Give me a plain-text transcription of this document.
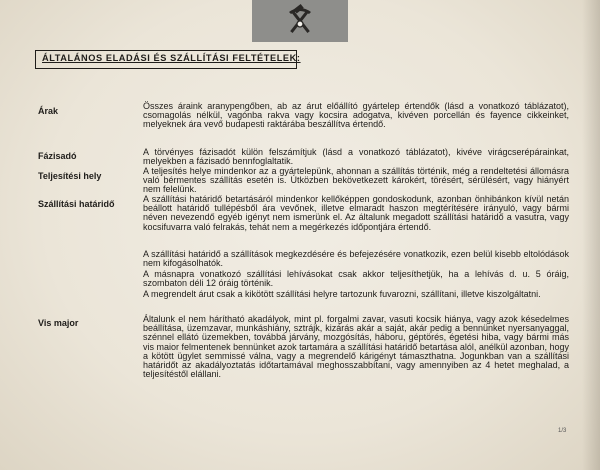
ÁLTALÁNOS ELADÁSI ÉS SZÁLLÍTÁSI FELTÉTELEK:

Árak	Összes áraink aranypengőben, ab az árut előállító gyártelep értendők (lásd a vonatkozó táblázatot), csomagolás nélkül, vagónba rakva vagy kocsira adogatva, kivéven porcellán és fayence cikkeinket, melyeknek ára vevő budapesti raktárába beszállítva értendő.

Fázisadó	A törvényes fázisadót külön felszámítjuk (lásd a vonatkozó táblázatot), kivéve virágcserépárainkat, melyekben a fázisadó bennfoglaltatik.

Teljesítési hely	A teljesítés helye mindenkor az a gyártelepünk, ahonnan a szállítás történik, még a rendeltetési állomásra való bérmentes szállítás esetén is. Útközben bekövetkezett károkért, törésért, sérülésért, vagy hiányért nem felelünk.

Szállítási határidő	A szállítási határidő betartásáról mindenkor kellőképpen gondoskodunk, azonban önhibánkon kívül netán beállott határidő tullépésből ára vevőnek, illetve elmaradt haszon megtérítésére irányuló, vagy bármi néven nevezendő egyéb igényt nem ismerünk el. Az általunk megadott szállítási határidő a vasutra, vagy kocsifuvarra való felrakás, tehát nem a megérkezés időpontjára értendő.

A szállítási határidő a szállítások megkezdésére és befejezésére vonatkozik, ezen belül kisebb eltolódások nem kifogásolhatók.

A másnapra vonatkozó szállítási lehívásokat csak akkor teljesíthetjük, ha a lehívás d. u. 5 óráig, szombaton déli 12 óráig történik.

A megrendelt árut csak a kikötött szállítási helyre tartozunk fuvarozni, szállítani, illetve kiszolgáltatni.

Vis major	Általunk el nem hárítható akadályok, mint pl. forgalmi zavar, vasuti kocsik hiánya, vagy azok késedelmes beállítása, üzemzavar, munkáshiány, sztrájk, kizárás akár a saját, akár pedig a bennünket nyersanyaggal, szénnel ellátó üzemekben, továbbá járvány, mozgósítás, háboru, géptörés, égetési hiba, vagy bármi más vis maior felmentenek bennünket azok tartamára a szállítási határidő betartása alól, anélkül azonban, hogy a kötött ügylet semmissé válna, vagy a megrendelő kárigényt támaszthatna. Jogunkban van a szállítási határidőt az akadályoztatás időtartamával meghosszabbítani, vagy amennyiben az 4 hetet meghalad, a teljesítéstől elállani.

1/3
